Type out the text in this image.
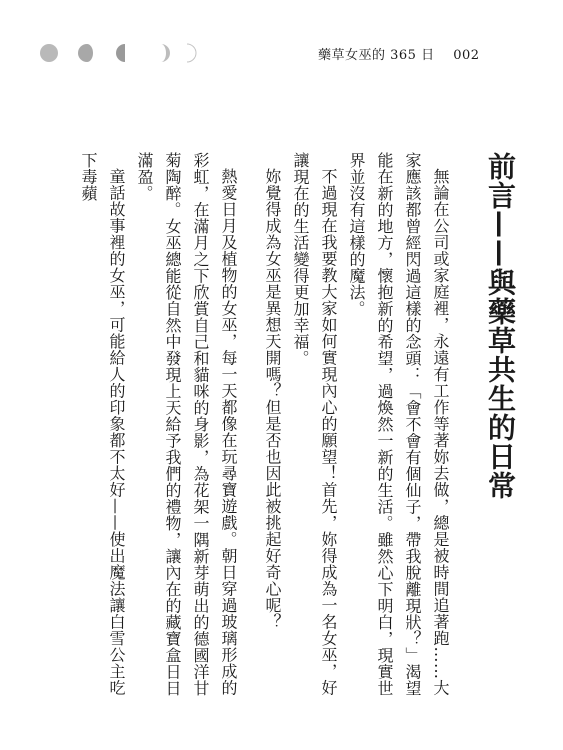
藥草女巫的 365 日 002
前言——與藥草共生的日常

無論在公司或家庭裡，永遠有工作等著妳去做，總是被時間追著跑……大家應該都曾經閃過這樣的念頭：「會不會有個仙子，帶我脫離現狀？」渴望能在新的地方，懷抱新的希望，過煥然一新的生活。雖然心下明白，現實世界並沒有這樣的魔法。

不過現在我要教大家如何實現內心的願望！首先，妳得成為一名女巫，好讓現在的生活變得更加幸福。

妳覺得成為女巫是異想天開嗎？但是否也因此被挑起好奇心呢？

熱愛日月及植物的女巫，每一天都像在玩尋寶遊戲。朝日穿過玻璃形成的彩虹，在滿月之下欣賞自己和貓咪的身影，為花架一隅新芽萌出的德國洋甘菊陶醉。女巫總能從自然中發現上天給予我們的禮物，讓內在的藏寶盒日日滿盈。

童話故事裡的女巫，可能給人的印象都不太好——使出魔法讓白雪公主吃下毒蘋
